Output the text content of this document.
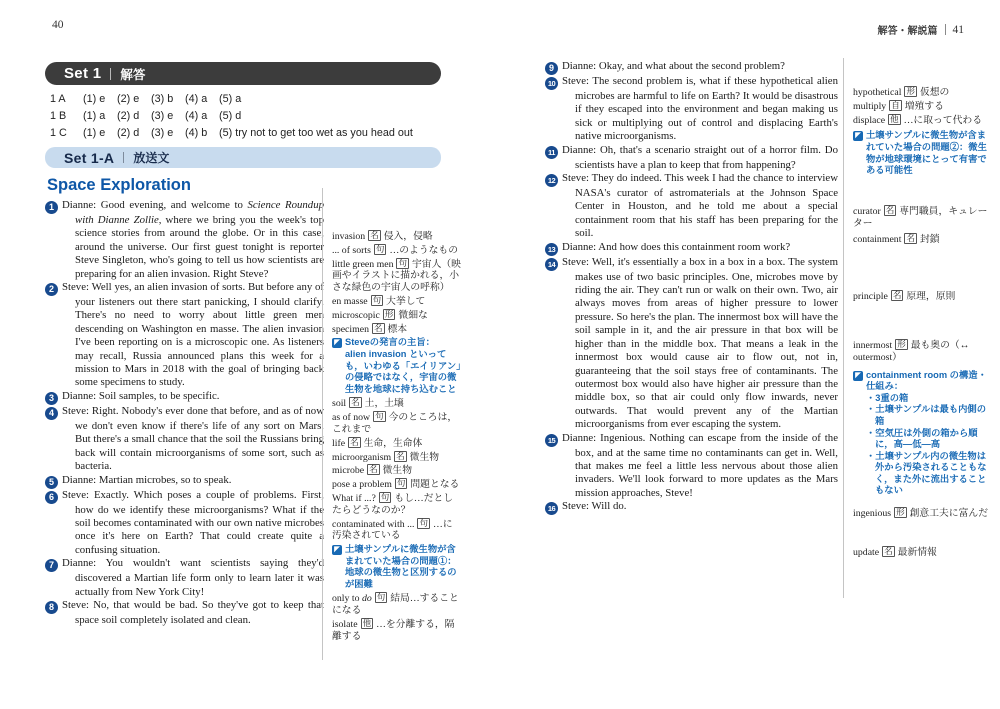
40
解答・解説篇 41
Set 1 解答
1 A	(1) e	(2) e	(3) b	(4) a	(5) a
1 B	(1) a	(2) d	(3) e	(4) a	(5) d
1 C	(1) e	(2) d	(3) e	(4) b	(5) try not to get too wet as you head out
Set 1-A 放送文
Space Exploration

1 Dianne: Good evening, and welcome to Science Roundup with Dianne Zollie, where we bring you the week's top science stories from around the globe. Or in this case, around the universe. Our first guest tonight is reporter Steve Singleton, who's going to tell us how scientists are preparing for an alien invasion. Right Steve?

2 Steve: Well yes, an alien invasion of sorts. But before any of your listeners out there start panicking, I should clarify. There's no need to worry about little green men descending on Washington en masse. The alien invasion I've been reporting on is a microscopic one. As listeners may recall, Russia announced plans this week for a mission to Mars in 2018 with the goal of bringing back some specimens to study.

3 Dianne: Soil samples, to be specific.

4 Steve: Right. Nobody's ever done that before, and as of now we don't even know if there's life of any sort on Mars. But there's a small chance that the soil the Russians bring back will contain microorganisms of some sort, such as bacteria.

5 Dianne: Martian microbes, so to speak.

6 Steve: Exactly. Which poses a couple of problems. First, how do we identify these microorganisms? What if the soil becomes contaminated with our own native microbes once it's here on Earth? That could create quite a confusing situation.

7 Dianne: You wouldn't want scientists saying they'd discovered a Martian life form only to learn later it was actually from New York City!

8 Steve: No, that would be bad. So they've got to keep that space soil completely isolated and clean.

9 Dianne: Okay, and what about the second problem?

10 Steve: The second problem is, what if these hypothetical alien microbes are harmful to life on Earth? It would be disastrous if they escaped into the environment and began making us sick or multiplying out of control and displacing Earth's native microorganisms.

11 Dianne: Oh, that's a scenario straight out of a horror film. Do scientists have a plan to keep that from happening?

12 Steve: They do indeed. This week I had the chance to interview NASA's curator of astromaterials at the Johnson Space Center in Houston, and he told me about a special containment room that his staff has been preparing for the soil.

13 Dianne: And how does this containment room work?

14 Steve: Well, it's essentially a box in a box in a box. The system makes use of two basic principles. One, microbes move by riding the air. They can't run or walk on their own. Two, air always moves from areas of higher pressure to lower pressure. So here's the plan. The innermost box will have the soil sample in it, and the air pressure in that box will be higher than in the middle box. That means a leak in the innermost box would cause air to flow out, not in, guaranteeing that the soil stays free of contaminants. The outermost box would also have higher air pressure than the middle box, so that air could only flow inwards, never outwards. That would prevent any of the Martian microorganisms from ever escaping the system.

15 Dianne: Ingenious. Nothing can escape from the inside of the box, and at the same time no contaminants can get in. Well, that makes me feel a little less nervous about those alien invaders. We'll look forward to more updates as the Mars mission approaches, Steve!

16 Steve: Will do.

invasion 名 侵入，侵略
... of sorts 句 …のようなもの
little green men 句 宇宙人（映画やイラストに描かれる，小さな緑色の宇宙人の呼称）
en masse 句 大挙して
microscopic 形 微細な
specimen 名 標本
◤ Steveの発言の主旨：
alien invasion といっても，いわゆる「エイリアン」の侵略ではなく，宇宙の微生物を地球に持ち込むこと
soil 名 土，土壌
as of now 句 今のところは，これまで
life 名 生命，生命体
microorganism 名 微生物
microbe 名 微生物
pose a problem 句 問題となる
What if ...? 句 もし…だとしたらどうなのか？
contaminated with ... 句 …に汚染されている
◤ 土壌サンプルに微生物が含まれていた場合の問題①：地球の微生物と区別するのが困難
only to do 句 結局…することになる
isolate 他 …を分離する，隔離する
hypothetical 形 仮想の
multiply 自 増殖する
displace 他 …に取って代わる
◤ 土壌サンプルに微生物が含まれていた場合の問題②：微生物が地球環境にとって有害である可能性
curator 名 専門職員，キュレーター
containment 名 封鎖
principle 名 原理，原則
innermost 形 最も奥の（↔ outermost）
◤ containment room の構造・仕組み：
・3重の箱
・土壌サンプルは最も内側の箱
・空気圧は外側の箱から順に，高―低―高
・土壌サンプル内の微生物は外から汚染されることもなく，また外に流出することもない
ingenious 形 創意工夫に富んだ
update 名 最新情報
